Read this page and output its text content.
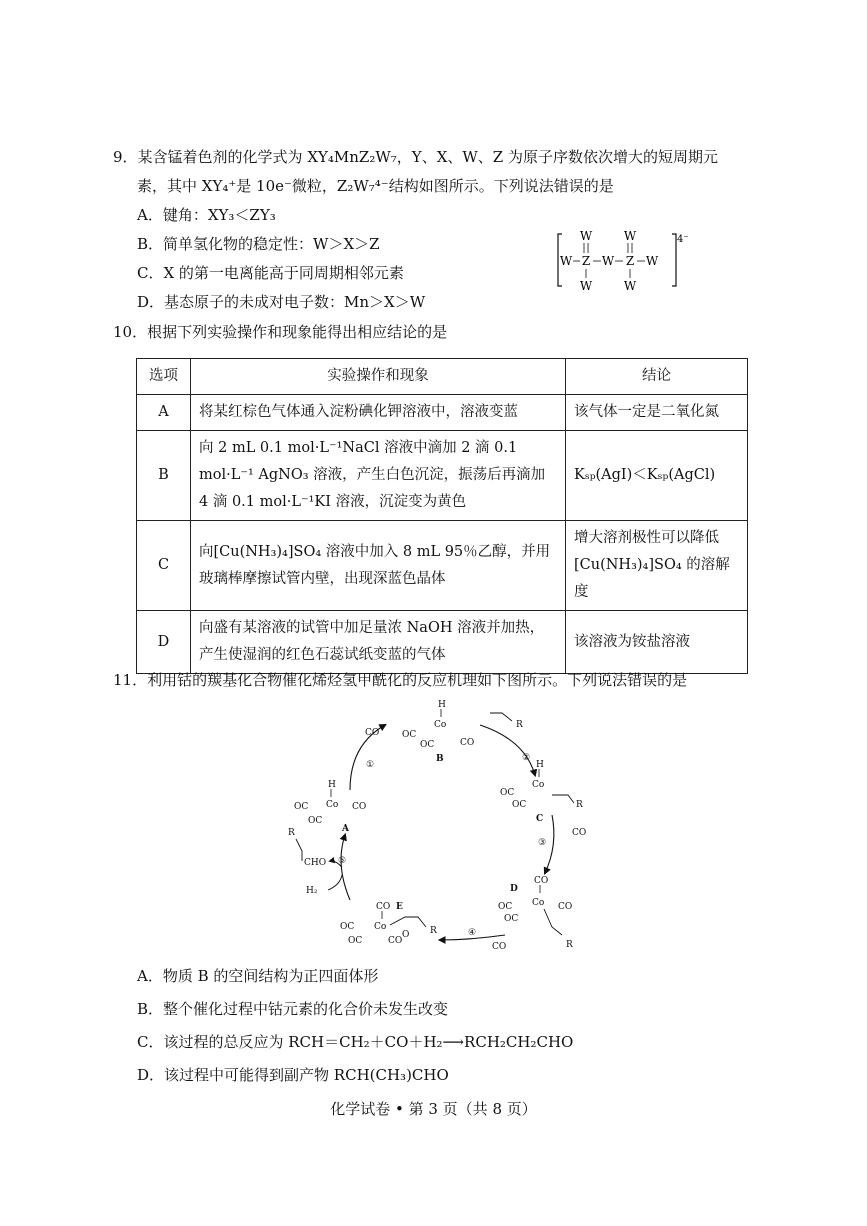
9．某含锰着色剂的化学式为 XY₄MnZ₂W₇，Y、X、W、Z 为原子序数依次增大的短周期元
素，其中 XY₄⁺是 10e⁻微粒，Z₂W₇⁴⁻结构如图所示。下列说法错误的是
A．键角：XY₃＜ZY₃
B．简单氢化物的稳定性：W＞X＞Z
C．X 的第一电离能高于同周期相邻元素
D．基态原子的未成对电子数：Mn＞X＞W
4⁻
W
W Z
W
W
W
Z W
W
10．根据下列实验操作和现象能得出相应结论的是
选项	实验操作和现象	结论
A	将某红棕色气体通入淀粉碘化钾溶液中，溶液变蓝	该气体一定是二氧化氮
B	向 2 mL 0.1 mol·L⁻¹NaCl 溶液中滴加 2 滴 0.1 mol·L⁻¹ AgNO₃ 溶液，产生白色沉淀，振荡后再滴加 4 滴 0.1 mol·L⁻¹KI 溶液，沉淀变为黄色	Kₛₚ(AgI)＜Kₛₚ(AgCl)
C	向[Cu(NH₃)₄]SO₄ 溶液中加入 8 mL 95％乙醇，并用玻璃棒摩擦试管内壁，出现深蓝色晶体	增大溶剂极性可以降低 [Cu(NH₃)₄]SO₄ 的溶解度
D	向盛有某溶液的试管中加足量浓 NaOH 溶液并加热，产生使湿润的红色石蕊试纸变蓝的气体	该溶液为铵盐溶液
11．利用钴的羰基化合物催化烯烃氢甲酰化的反应机理如下图所示。下列说法错误的是
①
②
③
④
⑤
CO
H
Co
OC
OC	CO
B
R
H
Co
OC
OC	R
C
CO
D
CO
Co
OC
OC
CO
R
CO
CO E
Co
OC
OC	CO
O R
H
Co
OC
OC
CO
A
R
CHO
H₂
A．物质 B 的空间结构为正四面体形
B．整个催化过程中钴元素的化合价未发生改变
C．该过程的总反应为 RCH＝CH₂＋CO＋H₂⟶RCH₂CH₂CHO
D．该过程中可能得到副产物 RCH(CH₃)CHO
化学试卷 • 第 3 页（共 8 页）
